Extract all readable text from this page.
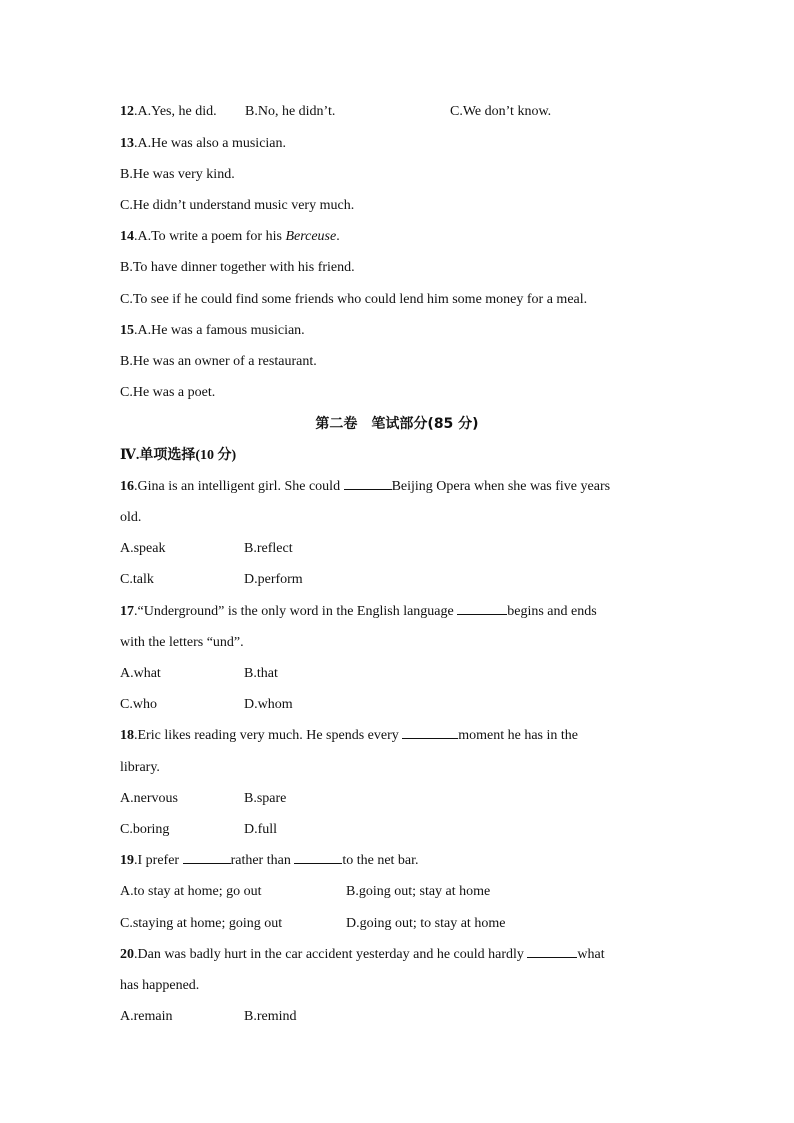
12.A.Yes, he did. B.No, he didn’t.	C.We don’t know.
13.A.He was also a musician.
B.He was very kind.
C.He didn’t understand music very much.
14.A.To write a poem for his Berceuse.
B.To have dinner together with his friend.
C.To see if he could find some friends who could lend him some money for a meal.
15.A.He was a famous musician.
B.He was an owner of a restaurant.
C.He was a poet.
第二卷　笔试部分(85 分)
Ⅳ.单项选择(10 分)
16.Gina is an intelligent girl. She could	Beijing Opera when she was five years
old.
A.speak	B.reflect
C.talk	D.perform
17.“Underground” is the only word in the English language	begins and ends
with the letters “und”.
A.what	B.that
C.who	D.whom
18.Eric likes reading very much. He spends every	moment he has in the
library.
A.nervous	B.spare
C.boring	D.full
19.I prefer	rather than	to the net bar.
A.to stay at home; go out	B.going out; stay at home
C.staying at home; going out	D.going out; to stay at home
20.Dan was badly hurt in the car accident yesterday and he could hardly	what
has happened.
A.remain	B.remind
